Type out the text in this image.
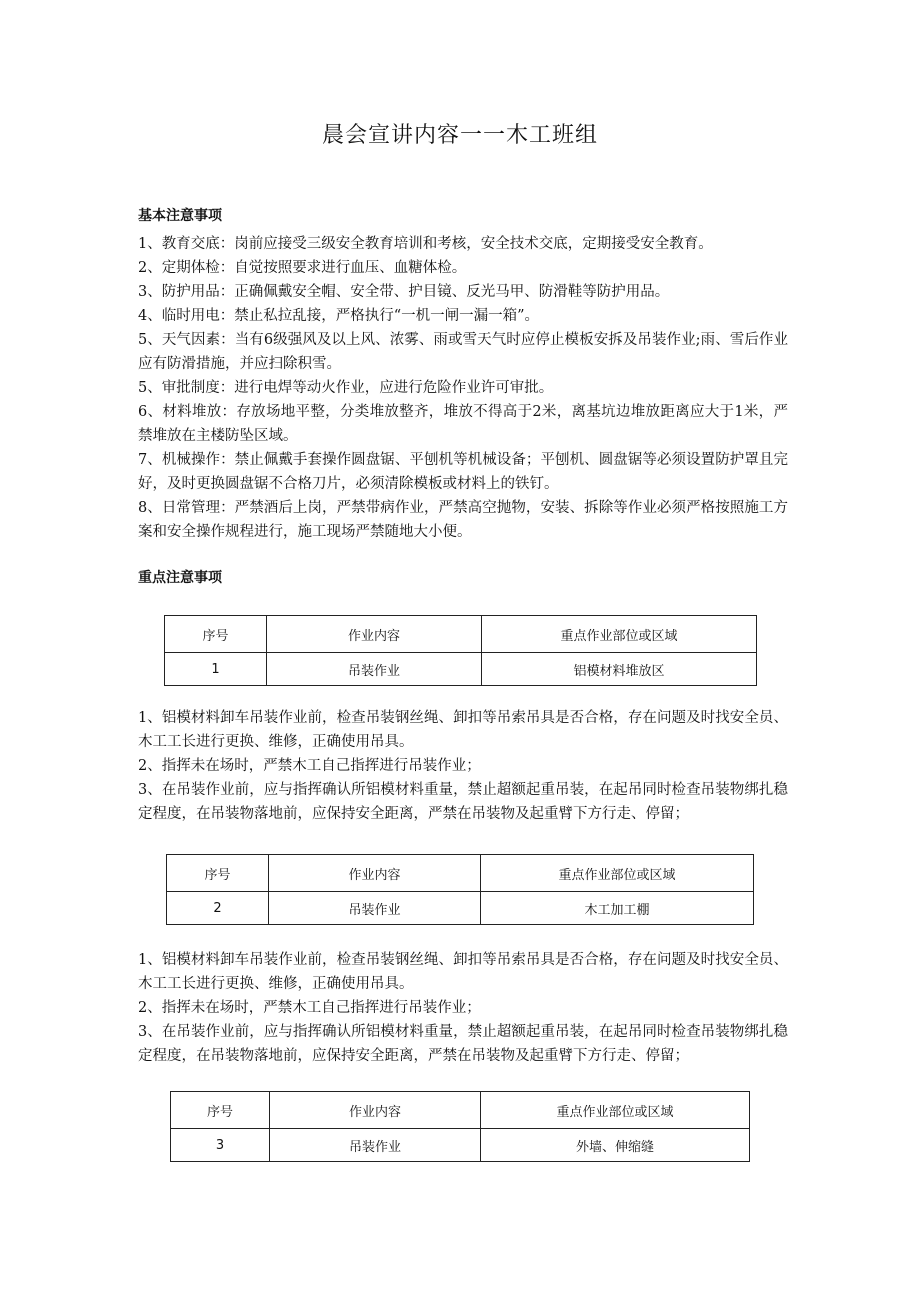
晨会宣讲内容一一木工班组
基本注意事项
1、教育交底：岗前应接受三级安全教育培训和考核，安全技术交底，定期接受安全教育。
2、定期体检：自觉按照要求进行血压、血糖体检。
3、防护用品：正确佩戴安全帽、安全带、护目镜、反光马甲、防滑鞋等防护用品。
4、临时用电：禁止私拉乱接，严格执行“一机一闸一漏一箱”。
5、天气因素：当有6级强风及以上风、浓雾、雨或雪天气时应停止模板安拆及吊装作业;雨、雪后作业应有防滑措施，并应扫除积雪。
5、审批制度：进行电焊等动火作业，应进行危险作业许可审批。
6、材料堆放：存放场地平整，分类堆放整齐，堆放不得高于2米，离基坑边堆放距离应大于1米，严禁堆放在主楼防坠区域。
7、机械操作：禁止佩戴手套操作圆盘锯、平刨机等机械设备；平刨机、圆盘锯等必须设置防护罩且完好，及时更换圆盘锯不合格刀片，必须清除模板或材料上的铁钉。
8、日常管理：严禁酒后上岗，严禁带病作业，严禁高空抛物，安装、拆除等作业必须严格按照施工方案和安全操作规程进行，施工现场严禁随地大小便。
重点注意事项
序号	作业内容	重点作业部位或区域
1	吊装作业	铝模材料堆放区
1、铝模材料卸车吊装作业前，检查吊装钢丝绳、卸扣等吊索吊具是否合格，存在问题及时找安全员、木工工长进行更换、维修，正确使用吊具。
2、指挥未在场时，严禁木工自己指挥进行吊装作业；
3、在吊装作业前，应与指挥确认所铝模材料重量，禁止超额起重吊装，在起吊同时检查吊装物绑扎稳定程度，在吊装物落地前，应保持安全距离，严禁在吊装物及起重臂下方行走、停留；
序号	作业内容	重点作业部位或区域
2	吊装作业	木工加工棚
1、铝模材料卸车吊装作业前，检查吊装钢丝绳、卸扣等吊索吊具是否合格，存在问题及时找安全员、木工工长进行更换、维修，正确使用吊具。
2、指挥未在场时，严禁木工自己指挥进行吊装作业；
3、在吊装作业前，应与指挥确认所铝模材料重量，禁止超额起重吊装，在起吊同时检查吊装物绑扎稳定程度，在吊装物落地前，应保持安全距离，严禁在吊装物及起重臂下方行走、停留；
序号	作业内容	重点作业部位或区域
3	吊装作业	外墙、伸缩缝
